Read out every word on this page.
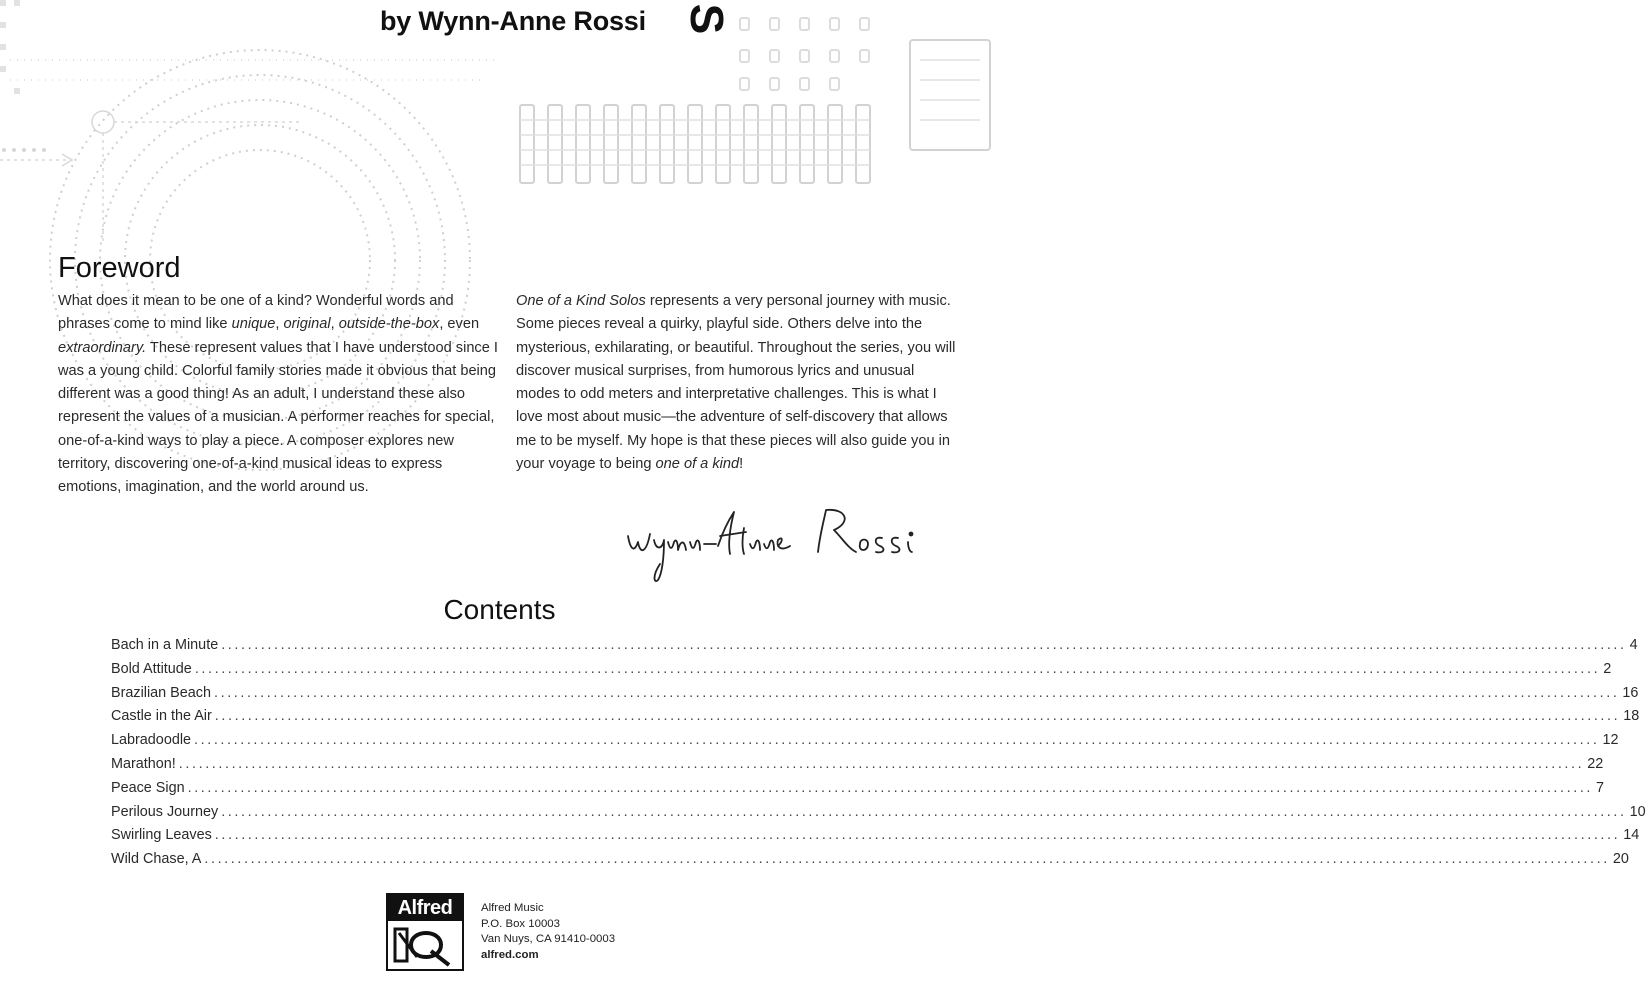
by Wynn-Anne Rossi S
Foreword

What does it mean to be one of a kind? Wonderful words and phrases come to mind like unique, original, outside-the-box, even extraordinary. These represent values that I have understood since I was a young child. Colorful family stories made it obvious that being different was a good thing! As an adult, I understand these also represent the values of a musician. A performer reaches for special, one-of-a-kind ways to play a piece. A composer explores new territory, discovering one-of-a-kind musical ideas to express emotions, imagination, and the world around us.

One of a Kind Solos represents a very personal journey with music. Some pieces reveal a quirky, playful side. Others delve into the mysterious, exhilarating, or beautiful. Throughout the series, you will discover musical surprises, from humorous lyrics and unusual modes to odd meters and interpretative challenges. This is what I love most about music—the adventure of self-discovery that allows me to be myself. My hope is that these pieces will also guide you in your voyage to being one of a kind!

Contents
Bach in a Minute ..................................................................................................................................................................................................................... 4
Bold Attitude ..................................................................................................................................................................................................................... 2
Brazilian Beach ..................................................................................................................................................................................................................... 16
Castle in the Air ..................................................................................................................................................................................................................... 18
Labradoodle ..................................................................................................................................................................................................................... 12
Marathon! ..................................................................................................................................................................................................................... 22
Peace Sign ..................................................................................................................................................................................................................... 7
Perilous Journey ..................................................................................................................................................................................................................... 10
Swirling Leaves ..................................................................................................................................................................................................................... 14
Wild Chase, A ..................................................................................................................................................................................................................... 20
Alfred	Alfred Music
P.O. Box 10003
Van Nuys, CA 91410-0003
alfred.com
